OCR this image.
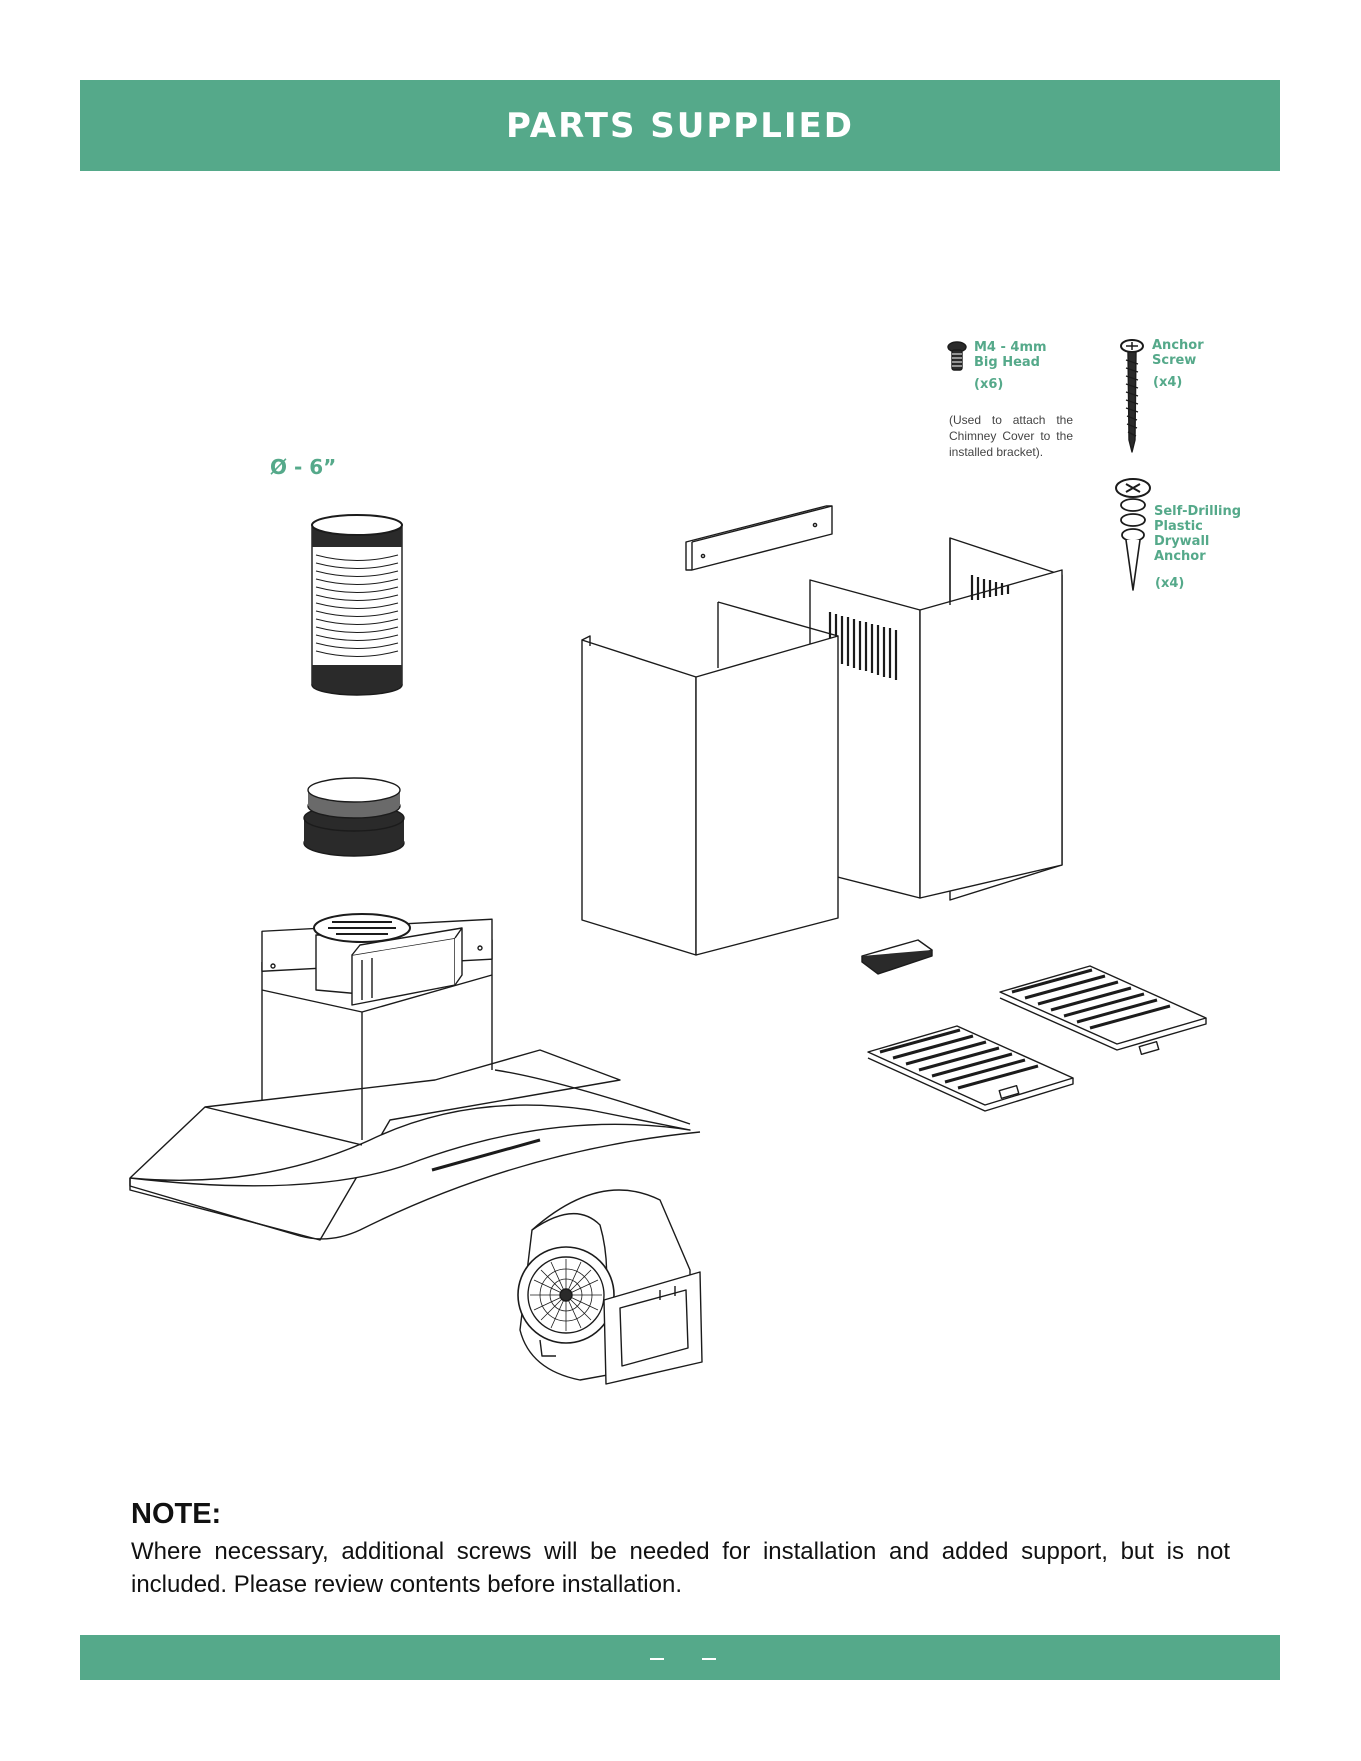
PARTS SUPPLIED
Ø - 6”
M4 - 4mm
Big Head
(x6)

(Used to attach the Chimney Cover to the installed bracket).

Anchor
Screw
(x4)
Self-Drilling
Plastic
Drywall
Anchor
(x4)
NOTE:

Where necessary, additional screws will be needed for installation and added support, but is not included. Please review contents before installation.
